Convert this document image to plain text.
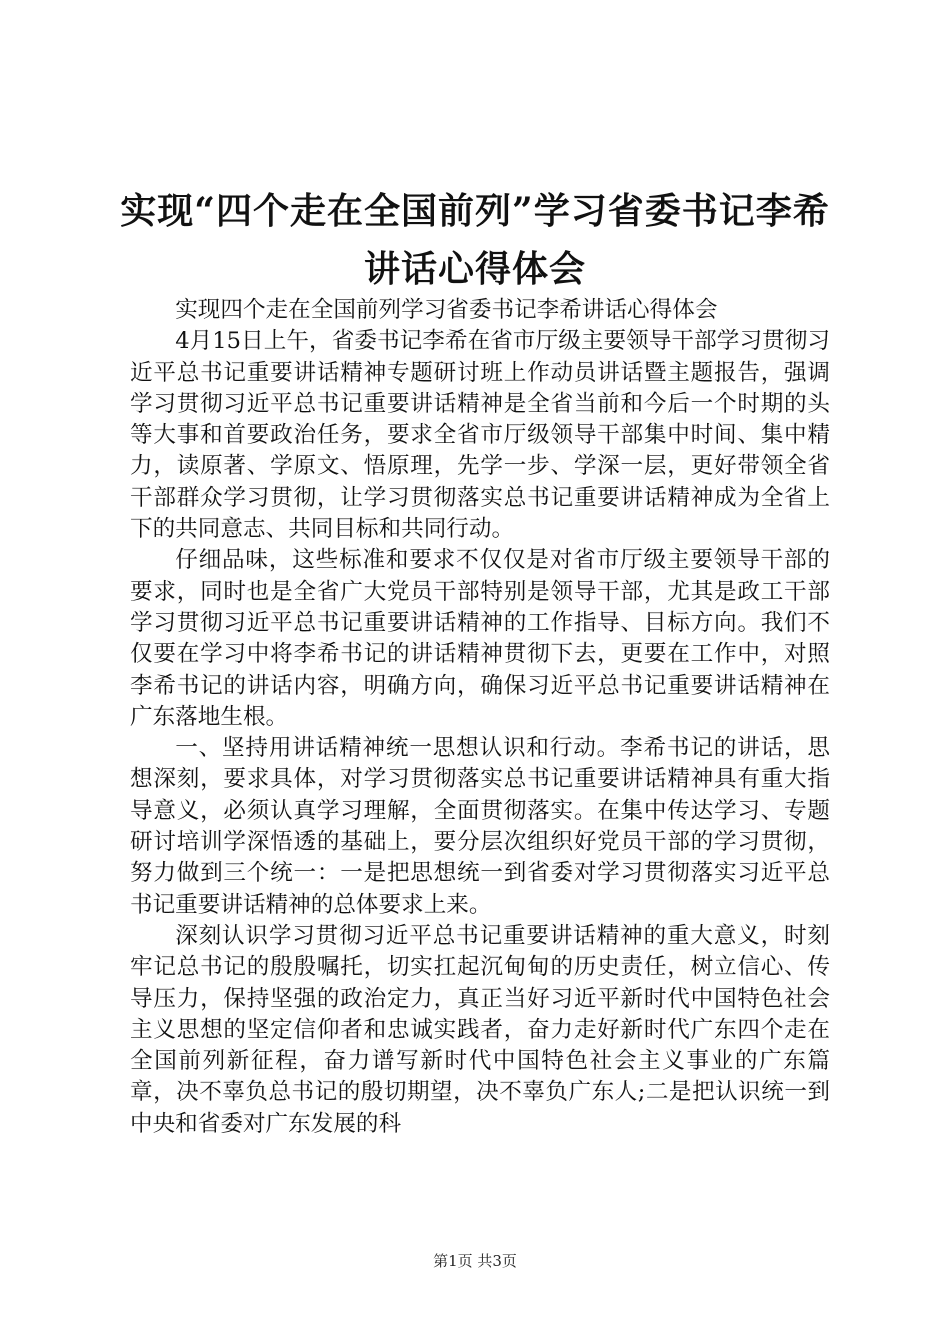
实现“四个走在全国前列”学习省委书记李希
讲话心得体会

实现四个走在全国前列学习省委书记李希讲话心得体会

4月15日上午，省委书记李希在省市厅级主要领导干部学习贯彻习近平总书记重要讲话精神专题研讨班上作动员讲话暨主题报告，强调学习贯彻习近平总书记重要讲话精神是全省当前和今后一个时期的头等大事和首要政治任务，要求全省市厅级领导干部集中时间、集中精力，读原著、学原文、悟原理，先学一步、学深一层，更好带领全省干部群众学习贯彻，让学习贯彻落实总书记重要讲话精神成为全省上下的共同意志、共同目标和共同行动。

仔细品味，这些标准和要求不仅仅是对省市厅级主要领导干部的要求，同时也是全省广大党员干部特别是领导干部，尤其是政工干部学习贯彻习近平总书记重要讲话精神的工作指导、目标方向。我们不仅要在学习中将李希书记的讲话精神贯彻下去，更要在工作中，对照李希书记的讲话内容，明确方向，确保习近平总书记重要讲话精神在广东落地生根。

一、坚持用讲话精神统一思想认识和行动。李希书记的讲话，思想深刻，要求具体，对学习贯彻落实总书记重要讲话精神具有重大指导意义，必须认真学习理解，全面贯彻落实。在集中传达学习、专题研讨培训学深悟透的基础上，要分层次组织好党员干部的学习贯彻，努力做到三个统一：一是把思想统一到省委对学习贯彻落实习近平总书记重要讲话精神的总体要求上来。

深刻认识学习贯彻习近平总书记重要讲话精神的重大意义，时刻牢记总书记的殷殷嘱托，切实扛起沉甸甸的历史责任，树立信心、传导压力，保持坚强的政治定力，真正当好习近平新时代中国特色社会主义思想的坚定信仰者和忠诚实践者，奋力走好新时代广东四个走在全国前列新征程，奋力谱写新时代中国特色社会主义事业的广东篇章，决不辜负总书记的殷切期望，决不辜负广东人;二是把认识统一到中央和省委对广东发展的科

第1页 共3页
